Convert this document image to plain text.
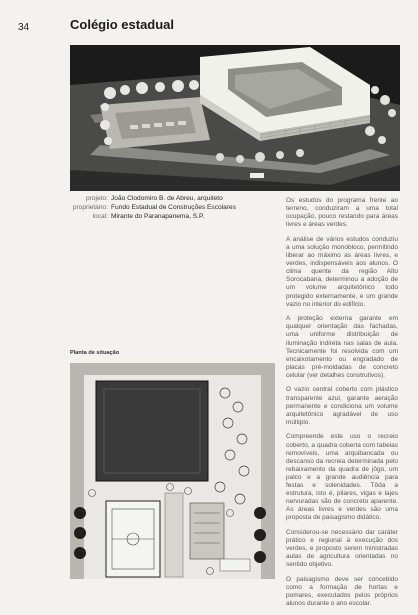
34	Colégio estadual
projeto: João Clodomiro B. de Abreu, arquiteto
proprietário: Fundo Estadual de Construções Escolares
local: Mirante do Paranapanema, S.P.

Os estudos do programa frente ao terreno, conduziram a uma total ocupação, pouco restando para áreas livres e áreas verdes.

A análise de vários estudos conduziu a uma solução monobloco, permitindo liberar ao máximo as áreas livres, e verdes, indispensáveis aos alunos. O clima quente da região Alto Sorocabana, determinou a adoção de um volume arquitetônico todo protegido externamente, e um grande vazio no interior do edifício.

A proteção externa garante em qualquer orientação das fachadas, uma uniforme distribuição de iluminação indireta nas salas de aula. Tecnicamente foi resolvida com um encaixotamento ou engradado de placas pré-moldadas de concreto celular (ver detalhes construtivos).

O vazio central coberto com plástico transparente azul, garante aeração permanente e condiciona um volume arquitetônico agradável de uso múltiplo.

Compreende este uso o recreio coberto, a quadra coberta com tabelas removíveis, uma arquibancada ou descanso da recreia determinada pelo rebaixamento da quadra de jôgo, um palco e a grande audiência para festas e solenidades. Tôda a estrutura, isto é, pilares, vigas e lajes nervuradas são de concreto aparente. As áreas livres e verdes são uma proposta de paisagismo didático.

Considerou-se necessário dar caráter prático e regional à execução dos verdes, e proposto serem ministradas aulas de agricultura orientadas no sentido objetivo.

O paisagismo deve ser concebido como a formação de hortas e pomares, executados pelos próprios alunos durante o ano escolar.

Planta de situação
